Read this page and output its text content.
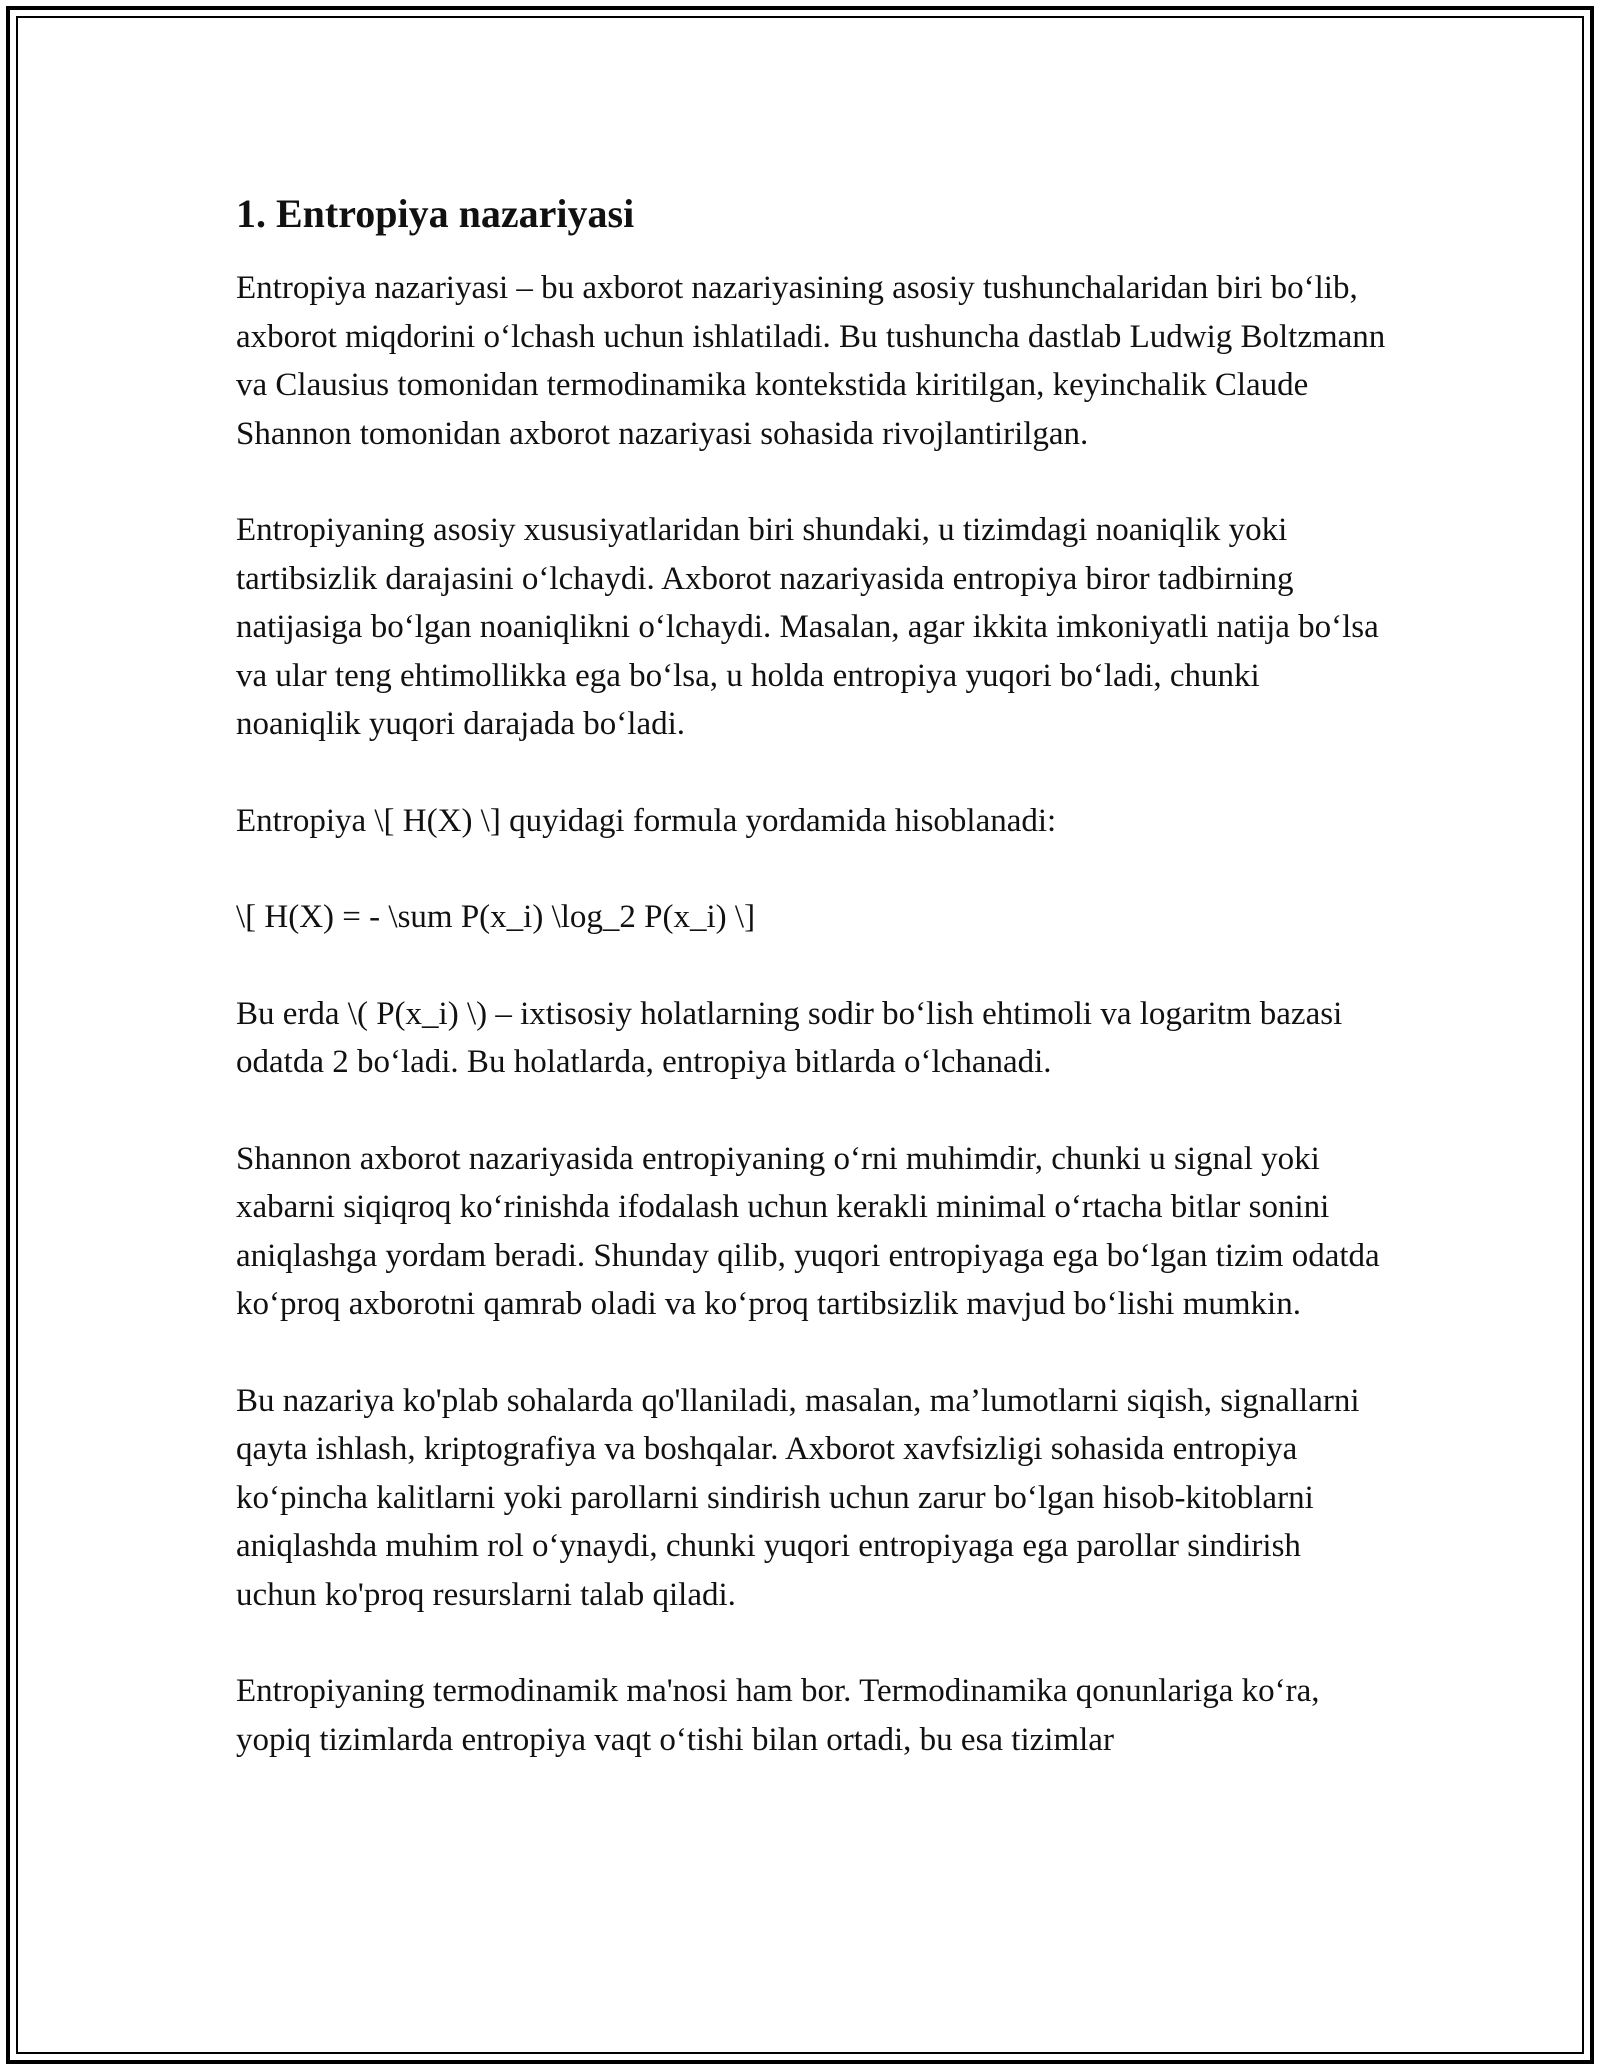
1. Entropiya nazariyasi

Entropiya nazariyasi – bu axborot nazariyasining asosiy tushunchalaridan biri bo‘lib, axborot miqdorini o‘lchash uchun ishlatiladi. Bu tushuncha dastlab Ludwig Boltzmann va Clausius tomonidan termodinamika kontekstida kiritilgan, keyinchalik Claude Shannon tomonidan axborot nazariyasi sohasida rivojlantirilgan.

Entropiyaning asosiy xususiyatlaridan biri shundaki, u tizimdagi noaniqlik yoki tartibsizlik darajasini o‘lchaydi. Axborot nazariyasida entropiya biror tadbirning natijasiga bo‘lgan noaniqlikni o‘lchaydi. Masalan, agar ikkita imkoniyatli natija bo‘lsa va ular teng ehtimollikka ega bo‘lsa, u holda entropiya yuqori bo‘ladi, chunki noaniqlik yuqori darajada bo‘ladi.

Entropiya \[ H(X) \] quyidagi formula yordamida hisoblanadi:

\[ H(X) = - \sum P(x_i) \log_2 P(x_i) \]

Bu erda \( P(x_i) \) – ixtisosiy holatlarning sodir bo‘lish ehtimoli va logaritm bazasi odatda 2 bo‘ladi. Bu holatlarda, entropiya bitlarda o‘lchanadi.

Shannon axborot nazariyasida entropiyaning o‘rni muhimdir, chunki u signal yoki xabarni siqiqroq ko‘rinishda ifodalash uchun kerakli minimal o‘rtacha bitlar sonini aniqlashga yordam beradi. Shunday qilib, yuqori entropiyaga ega bo‘lgan tizim odatda ko‘proq axborotni qamrab oladi va ko‘proq tartibsizlik mavjud bo‘lishi mumkin.

Bu nazariya ko'plab sohalarda qo'llaniladi, masalan, ma’lumotlarni siqish, signallarni qayta ishlash, kriptografiya va boshqalar. Axborot xavfsizligi sohasida entropiya ko‘pincha kalitlarni yoki parollarni sindirish uchun zarur bo‘lgan hisob-kitoblarni aniqlashda muhim rol o‘ynaydi, chunki yuqori entropiyaga ega parollar sindirish uchun ko'proq resurslarni talab qiladi.

Entropiyaning termodinamik ma'nosi ham bor. Termodinamika qonunlariga ko‘ra, yopiq tizimlarda entropiya vaqt o‘tishi bilan ortadi, bu esa tizimlar
